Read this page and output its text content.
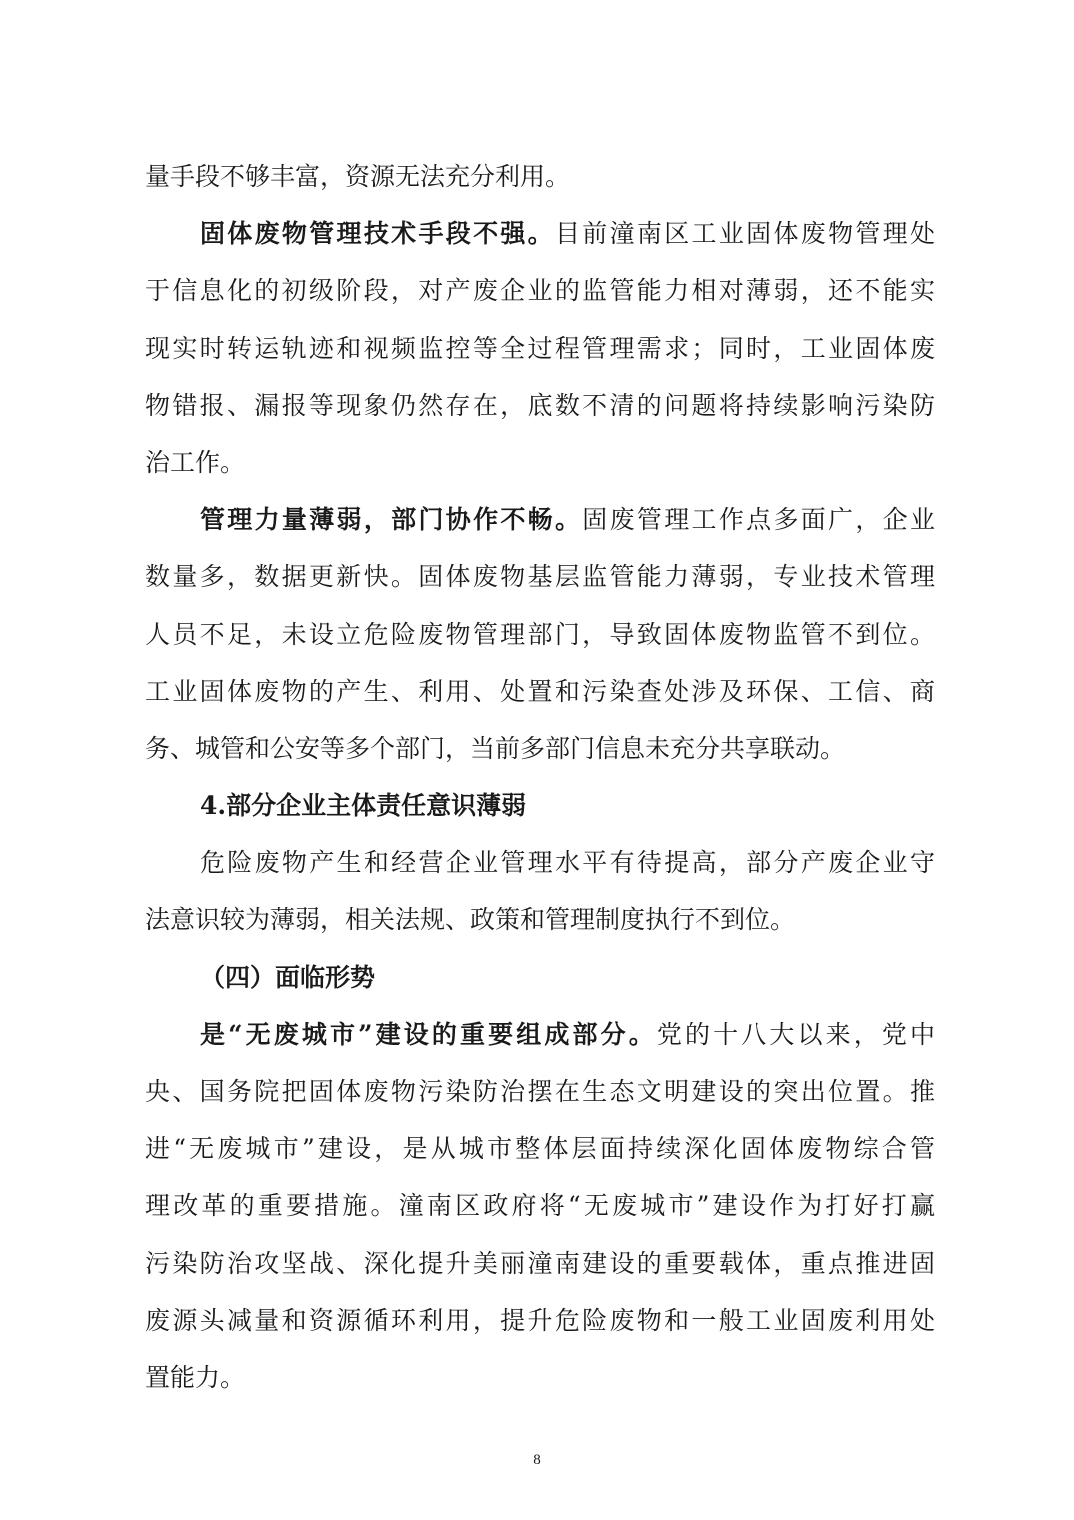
量手段不够丰富，资源无法充分利用。
固体废物管理技术手段不强。目前潼南区工业固体废物管理处
于信息化的初级阶段，对产废企业的监管能力相对薄弱，还不能实
现实时转运轨迹和视频监控等全过程管理需求；同时，工业固体废
物错报、漏报等现象仍然存在，底数不清的问题将持续影响污染防
治工作。
管理力量薄弱，部门协作不畅。固废管理工作点多面广，企业
数量多，数据更新快。固体废物基层监管能力薄弱，专业技术管理
人员不足，未设立危险废物管理部门，导致固体废物监管不到位。
工业固体废物的产生、利用、处置和污染查处涉及环保、工信、商
务、城管和公安等多个部门，当前多部门信息未充分共享联动。
4.部分企业主体责任意识薄弱
危险废物产生和经营企业管理水平有待提高，部分产废企业守
法意识较为薄弱，相关法规、政策和管理制度执行不到位。
（四）面临形势
是“无废城市”建设的重要组成部分。党的十八大以来，党中
央、国务院把固体废物污染防治摆在生态文明建设的突出位置。推
进“无废城市”建设，是从城市整体层面持续深化固体废物综合管
理改革的重要措施。潼南区政府将“无废城市”建设作为打好打赢
污染防治攻坚战、深化提升美丽潼南建设的重要载体，重点推进固
废源头减量和资源循环利用，提升危险废物和一般工业固废利用处
置能力。
8
